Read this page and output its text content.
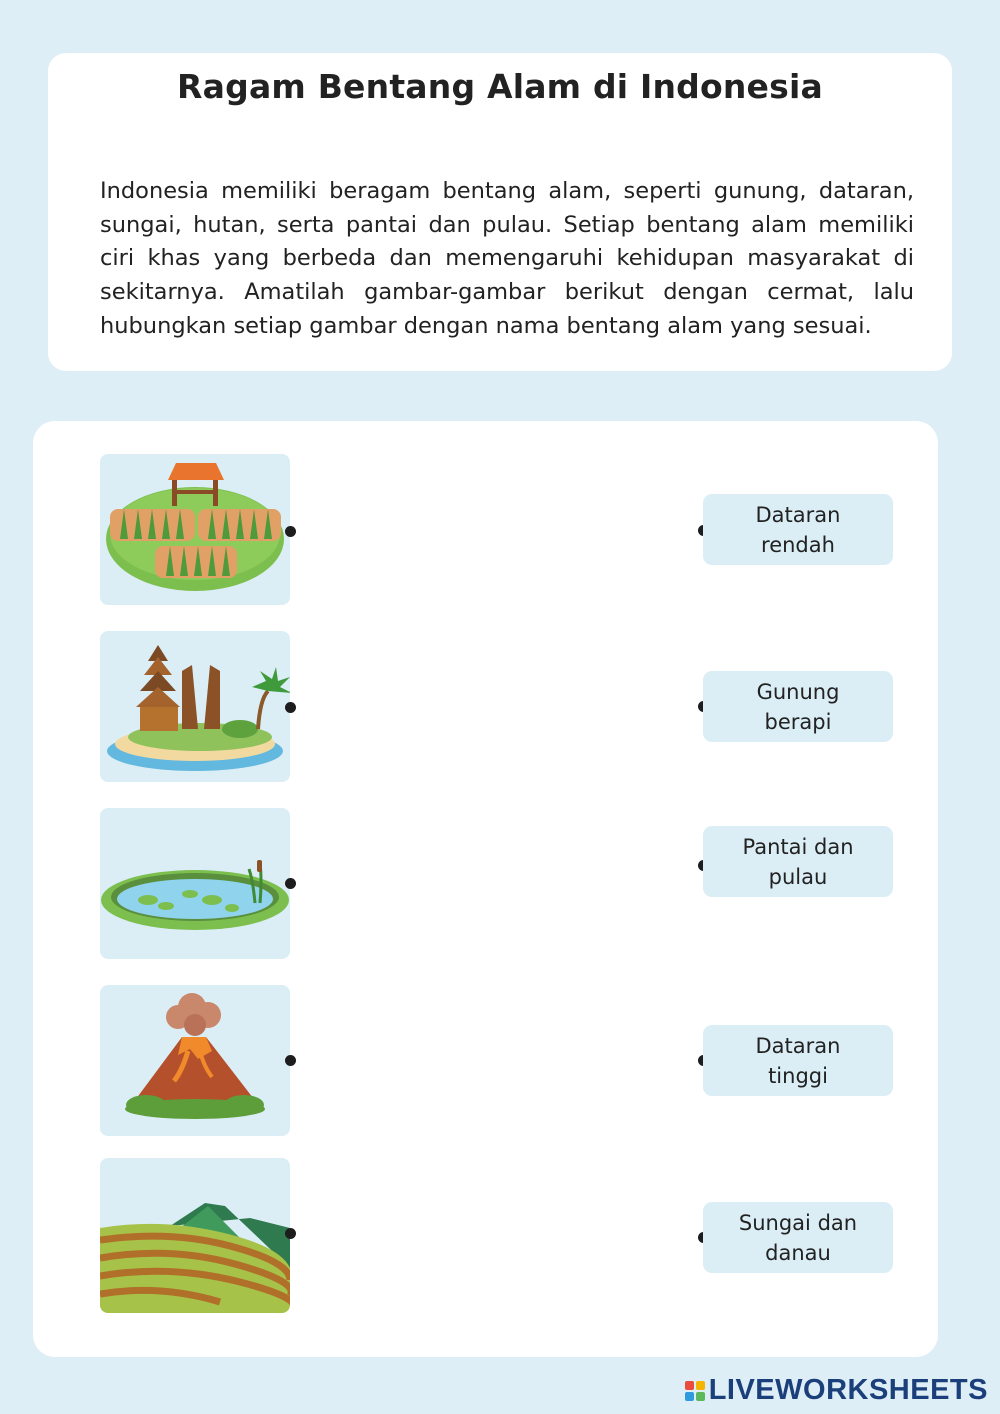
Ragam Bentang Alam di Indonesia

Indonesia memiliki beragam bentang alam, seperti gunung, dataran, sungai, hutan, serta pantai dan pulau. Setiap bentang alam memiliki ciri khas yang berbeda dan memengaruhi kehidupan masyarakat di sekitarnya. Amatilah gambar-gambar berikut dengan cermat, lalu hubungkan setiap gambar dengan nama bentang alam yang sesuai.

Dataran rendah
Gunung berapi
Pantai dan pulau
Dataran tinggi
Sungai dan danau
LIVEWORKSHEETS
